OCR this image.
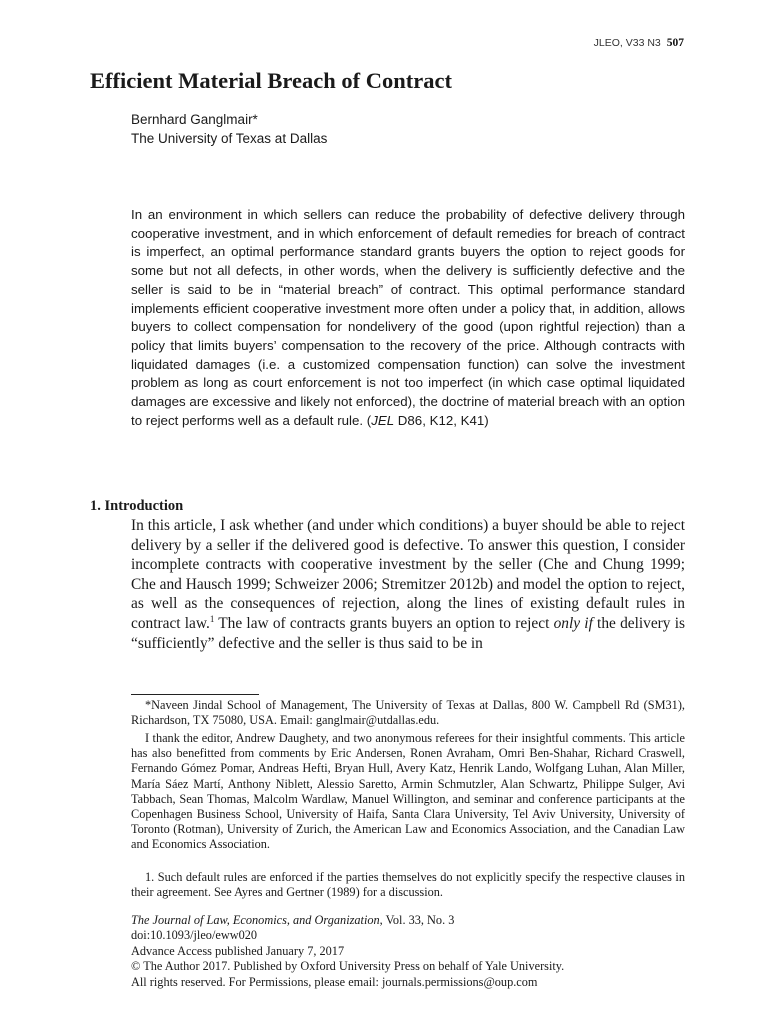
JLEO, V33 N3 507
Efficient Material Breach of Contract
Bernhard Ganglmair*
The University of Texas at Dallas
In an environment in which sellers can reduce the probability of defective delivery through cooperative investment, and in which enforcement of default remedies for breach of contract is imperfect, an optimal performance standard grants buyers the option to reject goods for some but not all defects, in other words, when the delivery is sufficiently defective and the seller is said to be in “material breach” of contract. This optimal performance standard implements efficient cooperative investment more often under a policy that, in addition, allows buyers to collect compensation for nondelivery of the good (upon rightful rejection) than a policy that limits buyers’ compensation to the recovery of the price. Although contracts with liquidated damages (i.e. a customized compensation function) can solve the investment problem as long as court enforcement is not too imperfect (in which case optimal liquidated damages are excessive and likely not enforced), the doctrine of material breach with an option to reject performs well as a default rule. (JEL D86, K12, K41)
1. Introduction
In this article, I ask whether (and under which conditions) a buyer should be able to reject delivery by a seller if the delivered good is defective. To answer this question, I consider incomplete contracts with cooperative investment by the seller (Che and Chung 1999; Che and Hausch 1999; Schweizer 2006; Stremitzer 2012b) and model the option to reject, as well as the consequences of rejection, along the lines of existing default rules in contract law.$^1$ The law of contracts grants buyers an option to reject only if the delivery is “sufficiently” defective and the seller is thus said to be in
*Naveen Jindal School of Management, The University of Texas at Dallas, 800 W. Campbell Rd (SM31), Richardson, TX 75080, USA. Email: ganglmair@utdallas.edu.
I thank the editor, Andrew Daughety, and two anonymous referees for their insightful comments. This article has also benefitted from comments by Eric Andersen, Ronen Avraham, Omri Ben-Shahar, Richard Craswell, Fernando Gómez Pomar, Andreas Hefti, Bryan Hull, Avery Katz, Henrik Lando, Wolfgang Luhan, Alan Miller, María Sáez Martí, Anthony Niblett, Alessio Saretto, Armin Schmutzler, Alan Schwartz, Philippe Sulger, Avi Tabbach, Sean Thomas, Malcolm Wardlaw, Manuel Willington, and seminar and conference participants at the Copenhagen Business School, University of Haifa, Santa Clara University, Tel Aviv University, University of Toronto (Rotman), University of Zurich, the American Law and Economics Association, and the Canadian Law and Economics Association.
1. Such default rules are enforced if the parties themselves do not explicitly specify the respective clauses in their agreement. See Ayres and Gertner (1989) for a discussion.
The Journal of Law, Economics, and Organization, Vol. 33, No. 3
doi:10.1093/jleo/eww020
Advance Access published January 7, 2017
© The Author 2017. Published by Oxford University Press on behalf of Yale University.
All rights reserved. For Permissions, please email: journals.permissions@oup.com
